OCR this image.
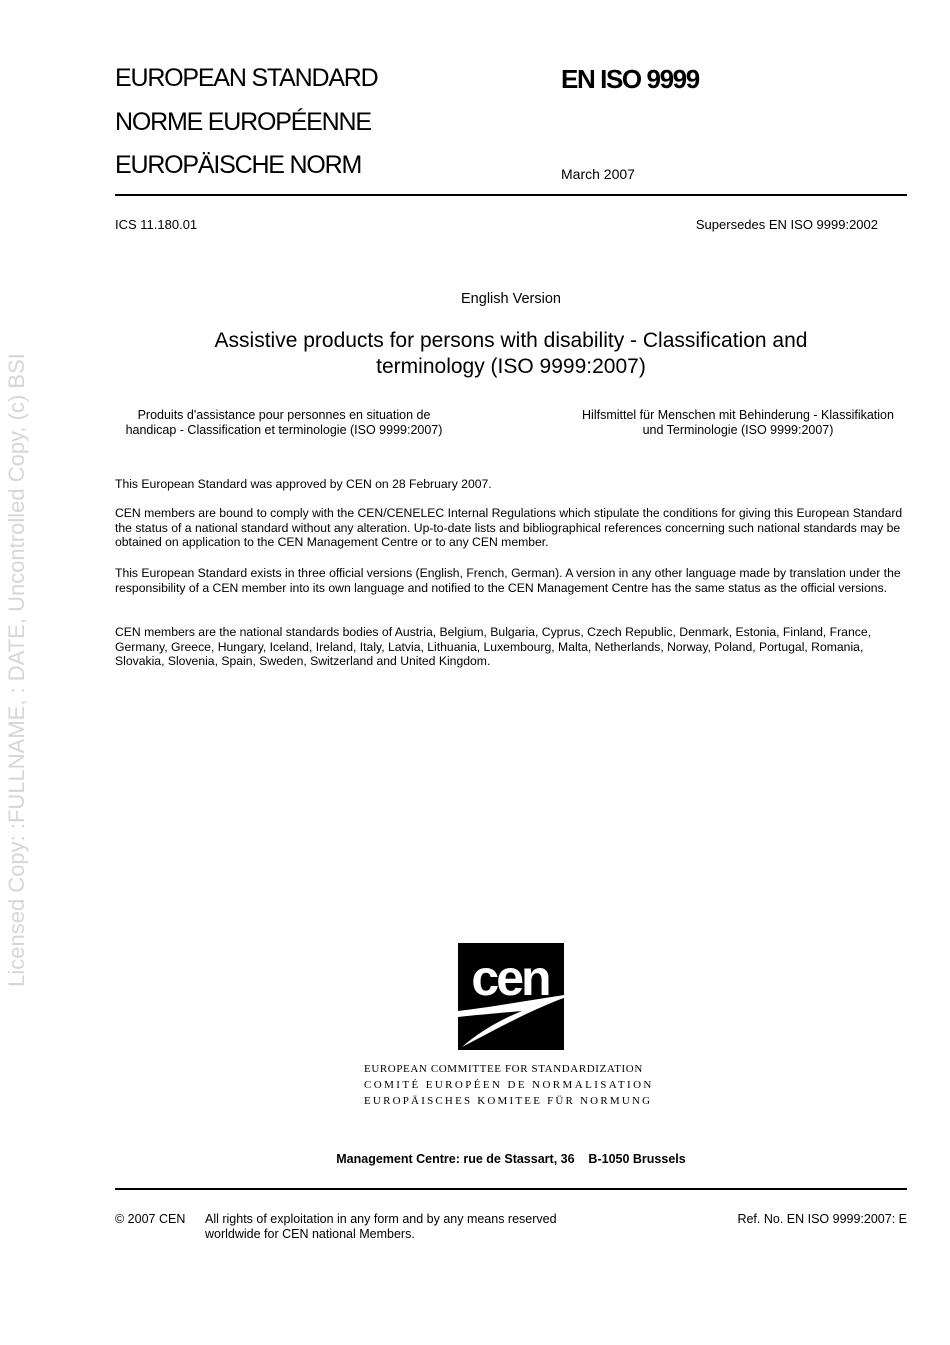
Licensed Copy: :FULLNAME, : DATE, Uncontrolled Copy, (c) BSI
EUROPEAN STANDARD
NORME EUROPÉENNE
EUROPÄISCHE NORM
EN ISO 9999
March 2007
ICS 11.180.01	Supersedes EN ISO 9999:2002
English Version
Assistive products for persons with disability - Classification and
terminology (ISO 9999:2007)
Produits d'assistance pour personnes en situation de
handicap - Classification et terminologie (ISO 9999:2007)
Hilfsmittel für Menschen mit Behinderung - Klassifikation
und Terminologie (ISO 9999:2007)
This European Standard was approved by CEN on 28 February 2007.
CEN members are bound to comply with the CEN/CENELEC Internal Regulations which stipulate the conditions for giving this European Standard the status of a national standard without any alteration. Up-to-date lists and bibliographical references concerning such national standards may be obtained on application to the CEN Management Centre or to any CEN member.
This European Standard exists in three official versions (English, French, German). A version in any other language made by translation under the responsibility of a CEN member into its own language and notified to the CEN Management Centre has the same status as the official versions.
CEN members are the national standards bodies of Austria, Belgium, Bulgaria, Cyprus, Czech Republic, Denmark, Estonia, Finland, France, Germany, Greece, Hungary, Iceland, Ireland, Italy, Latvia, Lithuania, Luxembourg, Malta, Netherlands, Norway, Poland, Portugal, Romania, Slovakia, Slovenia, Spain, Sweden, Switzerland and United Kingdom.
cen
EUROPEAN COMMITTEE FOR STANDARDIZATION
COMITÉ EUROPÉEN DE NORMALISATION
EUROPÄISCHES KOMITEE FÜR NORMUNG
Management Centre: rue de Stassart, 36    B-1050 Brussels
© 2007 CEN All rights of exploitation in any form and by any means reserved
worldwide for CEN national Members.
Ref. No. EN ISO 9999:2007: E
